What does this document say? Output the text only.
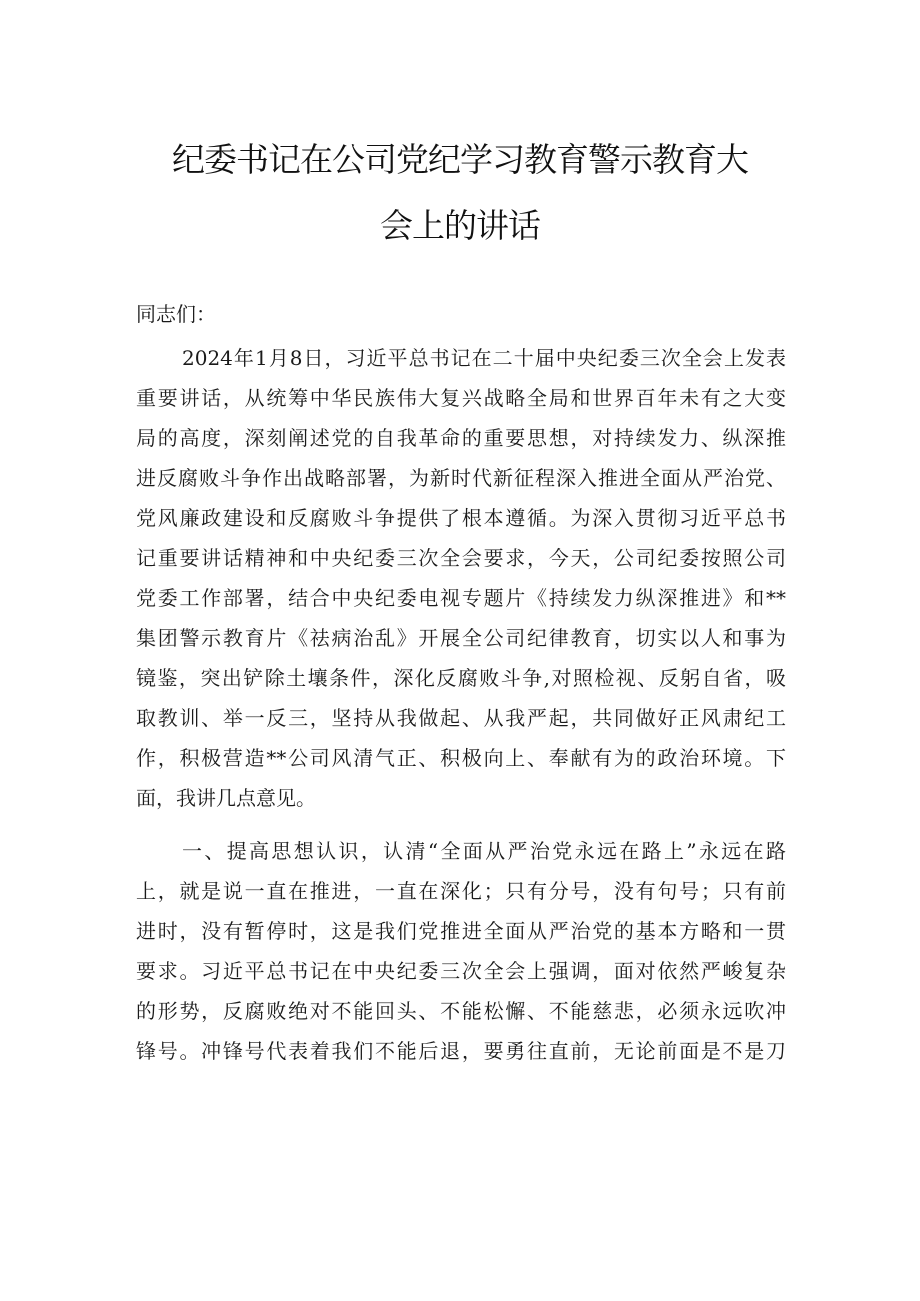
纪委书记在公司党纪学习教育警示教育大
会上的讲话
同志们：
2024年1月8日，习近平总书记在二十届中央纪委三次全会上发表
重要讲话，从统筹中华民族伟大复兴战略全局和世界百年未有之大变
局的高度，深刻阐述党的自我革命的重要思想，对持续发力、纵深推
进反腐败斗争作出战略部署，为新时代新征程深入推进全面从严治党、
党风廉政建设和反腐败斗争提供了根本遵循。为深入贯彻习近平总书
记重要讲话精神和中央纪委三次全会要求，今天，公司纪委按照公司
党委工作部署，结合中央纪委电视专题片《持续发力纵深推进》和**
集团警示教育片《祛病治乱》开展全公司纪律教育，切实以人和事为
镜鉴，突出铲除土壤条件，深化反腐败斗争,对照检视、反躬自省，吸
取教训、举一反三，坚持从我做起、从我严起，共同做好正风肃纪工
作，积极营造**公司风清气正、积极向上、奉献有为的政治环境。下
面，我讲几点意见。
一、提高思想认识，认清“全面从严治党永远在路上”永远在路
上，就是说一直在推进，一直在深化；只有分号，没有句号；只有前
进时，没有暂停时，这是我们党推进全面从严治党的基本方略和一贯
要求。习近平总书记在中央纪委三次全会上强调，面对依然严峻复杂
的形势，反腐败绝对不能回头、不能松懈、不能慈悲，必须永远吹冲
锋号。冲锋号代表着我们不能后退，要勇往直前，无论前面是不是刀
